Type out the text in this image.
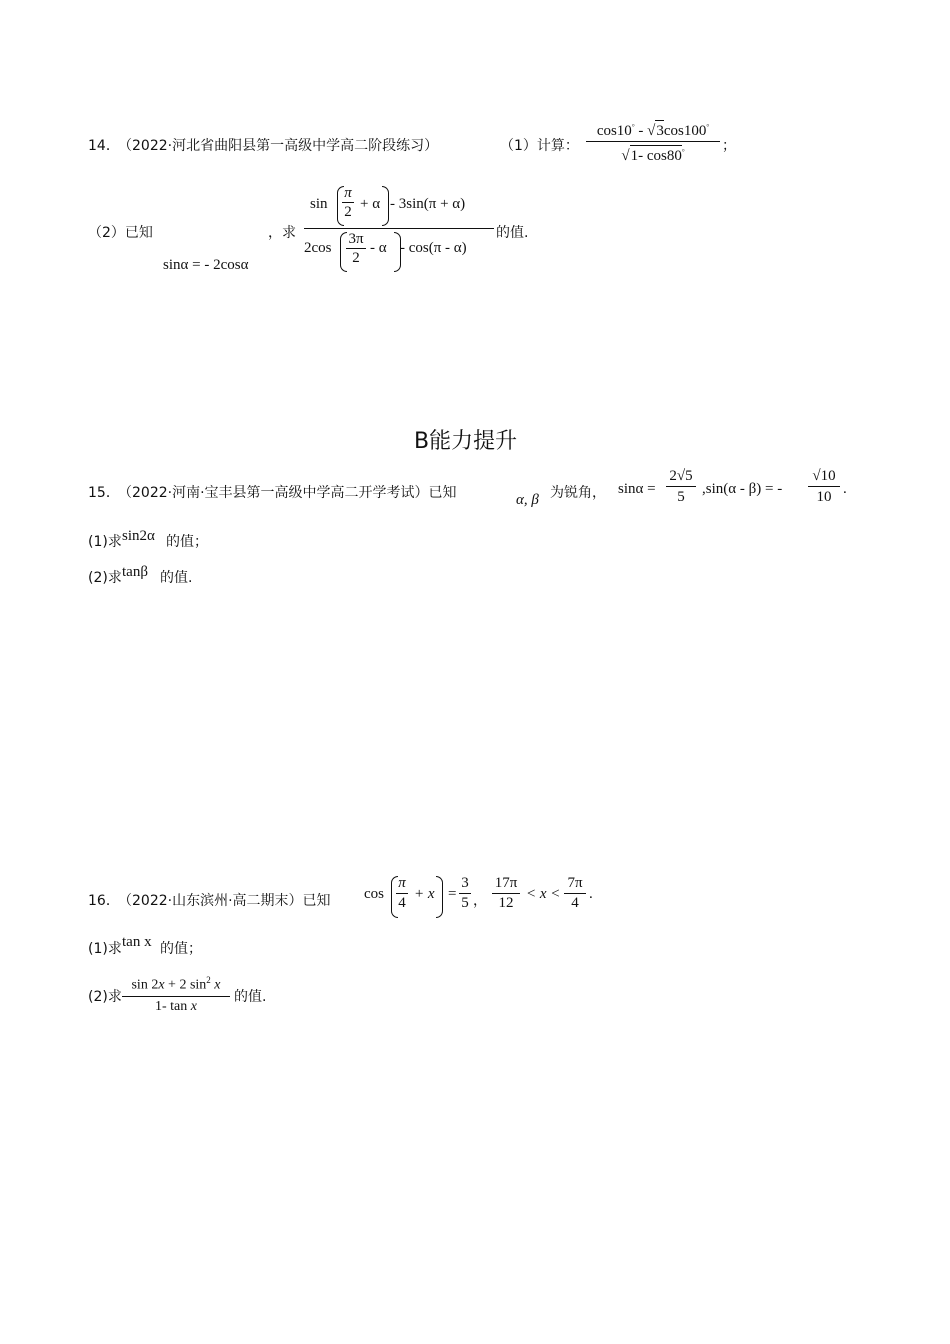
14．
（2022·河北省曲阳县第一高级中学高二阶段练习）	（1）计算：
cos10° - √3cos100°
√1- cos80°	；
（2）已知
sinα = - 2cosα
，求
sin
π
2 + α - 3sin(π + α)
2cos
3π
2
- α - cos(π - α)
的值.
B能力提升
15．
（2022·河南·宝丰县第一高级中学高二开学考试）已知	α, β 为锐角， sinα =
2√5
5 ,sin(α - β) = -
√10
10 .
(1)求 sin2α 的值；
(2)求 tanβ 的值.
16．
（2022·山东滨州·高二期末）已知 cos
π
4
+ x =
3
5 ，
17π
12
< x <
7π
4
.
(1)求 tan x 的值；
(2)求
sin 2x + 2 $\sin^2 x$
1- tan x
的值.
